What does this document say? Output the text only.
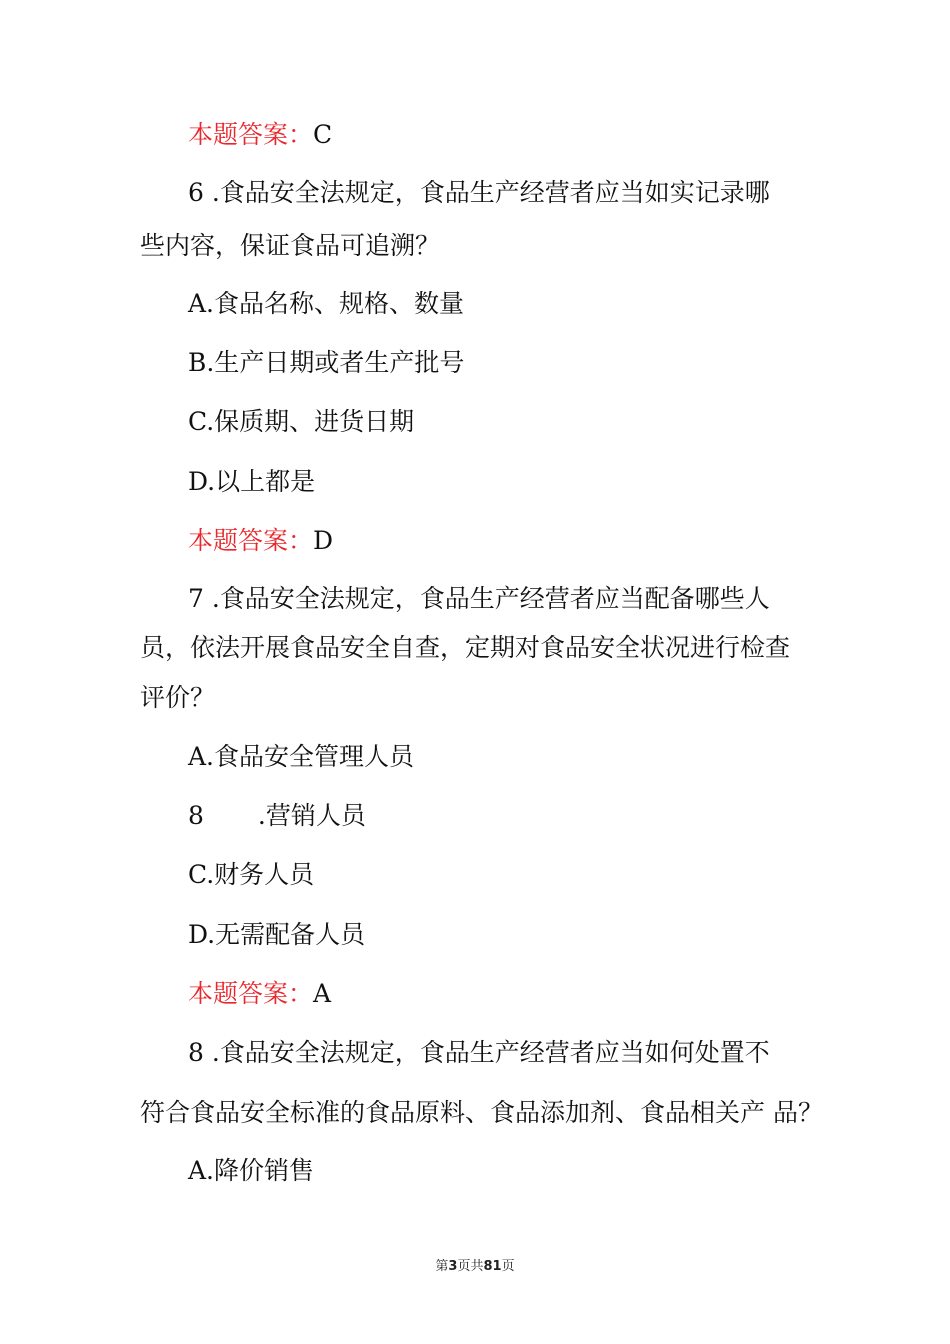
本题答案：C
6 .食品安全法规定，食品生产经营者应当如实记录哪
些内容，保证食品可追溯？
A.食品名称、规格、数量
B.生产日期或者生产批号
C.保质期、进货日期
D.以上都是
本题答案：D
7 .食品安全法规定，食品生产经营者应当配备哪些人
员，依法开展食品安全自查，定期对食品安全状况进行检查
评价？
A.食品安全管理人员
8 .营销人员
C.财务人员
D.无需配备人员
本题答案：A
8 .食品安全法规定，食品生产经营者应当如何处置不
符合食品安全标准的食品原料、食品添加剂、食品相关产 品？
A.降价销售
第3页共81页
